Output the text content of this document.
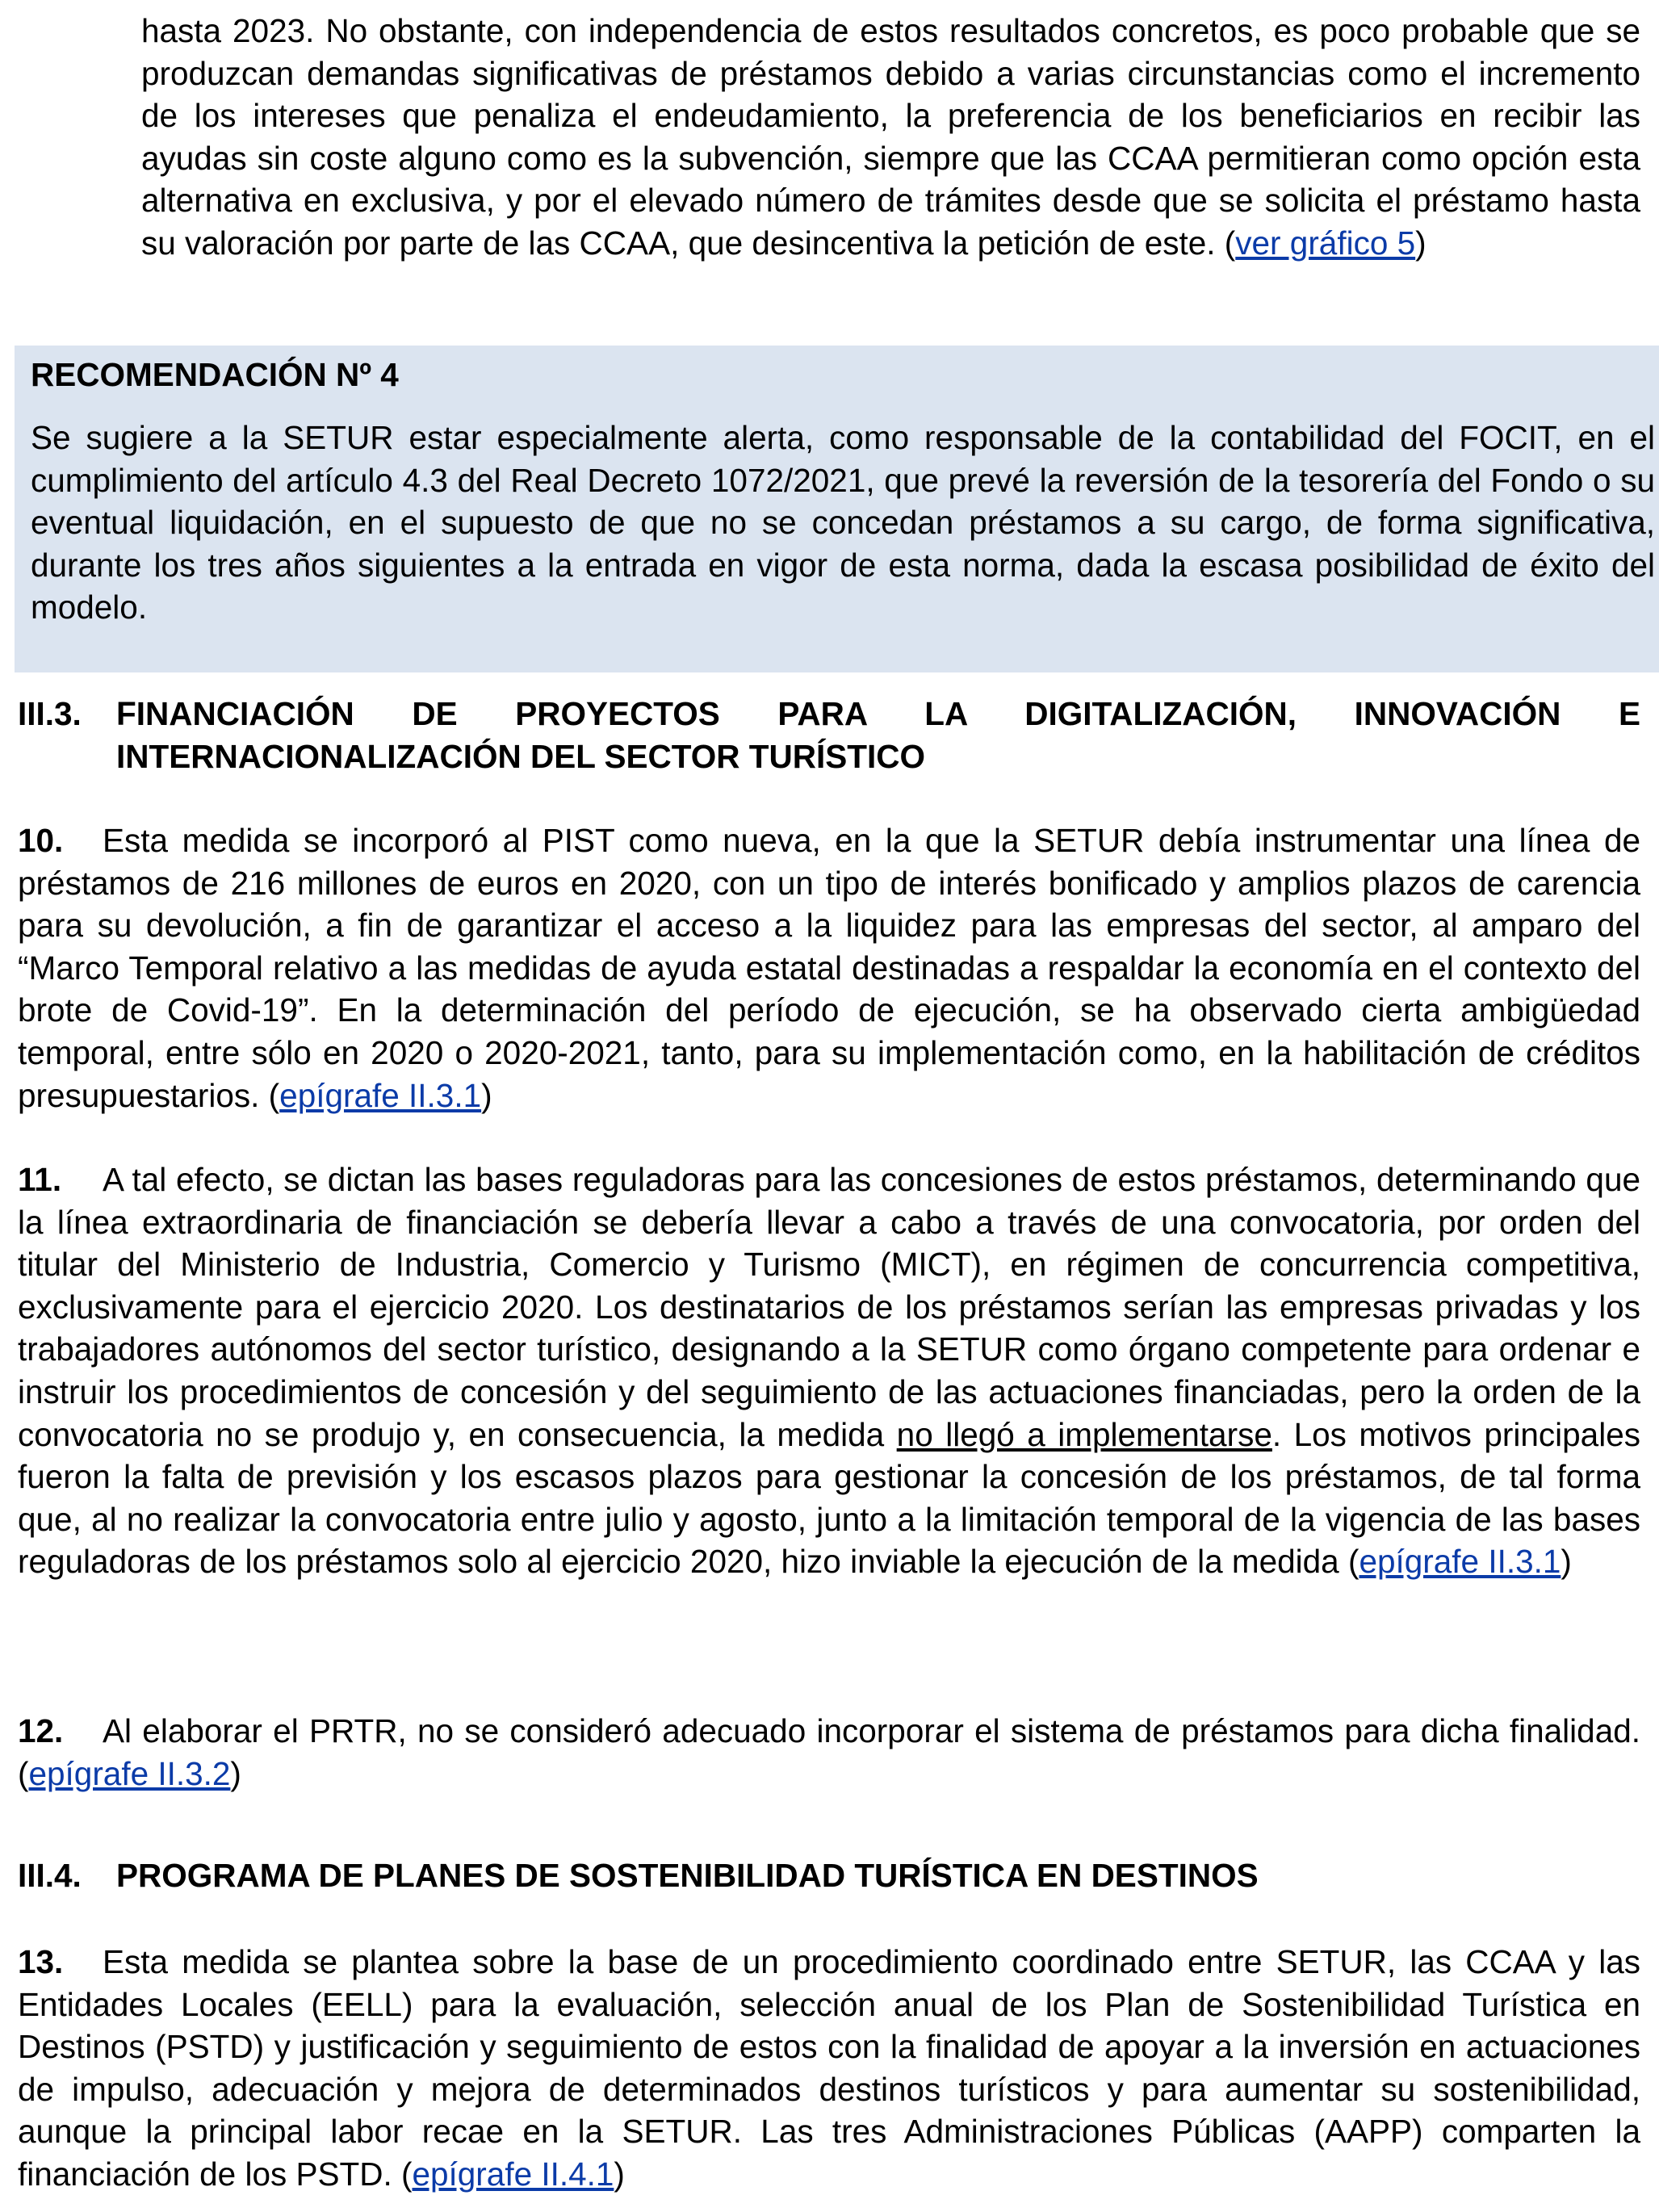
hasta 2023. No obstante, con independencia de estos resultados concretos, es poco probable que se produzcan demandas significativas de préstamos debido a varias circunstancias como el incremento de los intereses que penaliza el endeudamiento, la preferencia de los beneficiarios en recibir las ayudas sin coste alguno como es la subvención, siempre que las CCAA permitieran como opción esta alternativa en exclusiva, y por el elevado número de trámites desde que se solicita el préstamo hasta su valoración por parte de las CCAA, que desincentiva la petición de este. (ver gráfico 5)

RECOMENDACIÓN Nº 4

Se sugiere a la SETUR estar especialmente alerta, como responsable de la contabilidad del FOCIT, en el cumplimiento del artículo 4.3 del Real Decreto 1072/2021, que prevé la reversión de la tesorería del Fondo o su eventual liquidación, en el supuesto de que no se concedan préstamos a su cargo, de forma significativa, durante los tres años siguientes a la entrada en vigor de esta norma, dada la escasa posibilidad de éxito del modelo.

III.3. FINANCIACIÓN DE PROYECTOS PARA LA DIGITALIZACIÓN, INNOVACIÓN E INTERNACIONALIZACIÓN DEL SECTOR TURÍSTICO

10. Esta medida se incorporó al PIST como nueva, en la que la SETUR debía instrumentar una línea de préstamos de 216 millones de euros en 2020, con un tipo de interés bonificado y amplios plazos de carencia para su devolución, a fin de garantizar el acceso a la liquidez para las empresas del sector, al amparo del “Marco Temporal relativo a las medidas de ayuda estatal destinadas a respaldar la economía en el contexto del brote de Covid-19”. En la determinación del período de ejecución, se ha observado cierta ambigüedad temporal, entre sólo en 2020 o 2020-2021, tanto, para su implementación como, en la habilitación de créditos presupuestarios. (epígrafe II.3.1)

11. A tal efecto, se dictan las bases reguladoras para las concesiones de estos préstamos, determinando que la línea extraordinaria de financiación se debería llevar a cabo a través de una convocatoria, por orden del titular del Ministerio de Industria, Comercio y Turismo (MICT), en régimen de concurrencia competitiva, exclusivamente para el ejercicio 2020. Los destinatarios de los préstamos serían las empresas privadas y los trabajadores autónomos del sector turístico, designando a la SETUR como órgano competente para ordenar e instruir los procedimientos de concesión y del seguimiento de las actuaciones financiadas, pero la orden de la convocatoria no se produjo y, en consecuencia, la medida no llegó a implementarse. Los motivos principales fueron la falta de previsión y los escasos plazos para gestionar la concesión de los préstamos, de tal forma que, al no realizar la convocatoria entre julio y agosto, junto a la limitación temporal de la vigencia de las bases reguladoras de los préstamos solo al ejercicio 2020, hizo inviable la ejecución de la medida (epígrafe II.3.1)

12. Al elaborar el PRTR, no se consideró adecuado incorporar el sistema de préstamos para dicha finalidad. (epígrafe II.3.2)

III.4. PROGRAMA DE PLANES DE SOSTENIBILIDAD TURÍSTICA EN DESTINOS

13. Esta medida se plantea sobre la base de un procedimiento coordinado entre SETUR, las CCAA y las Entidades Locales (EELL) para la evaluación, selección anual de los Plan de Sostenibilidad Turística en Destinos (PSTD) y justificación y seguimiento de estos con la finalidad de apoyar a la inversión en actuaciones de impulso, adecuación y mejora de determinados destinos turísticos y para aumentar su sostenibilidad, aunque la principal labor recae en la SETUR. Las tres Administraciones Públicas (AAPP) comparten la financiación de los PSTD. (epígrafe II.4.1)
